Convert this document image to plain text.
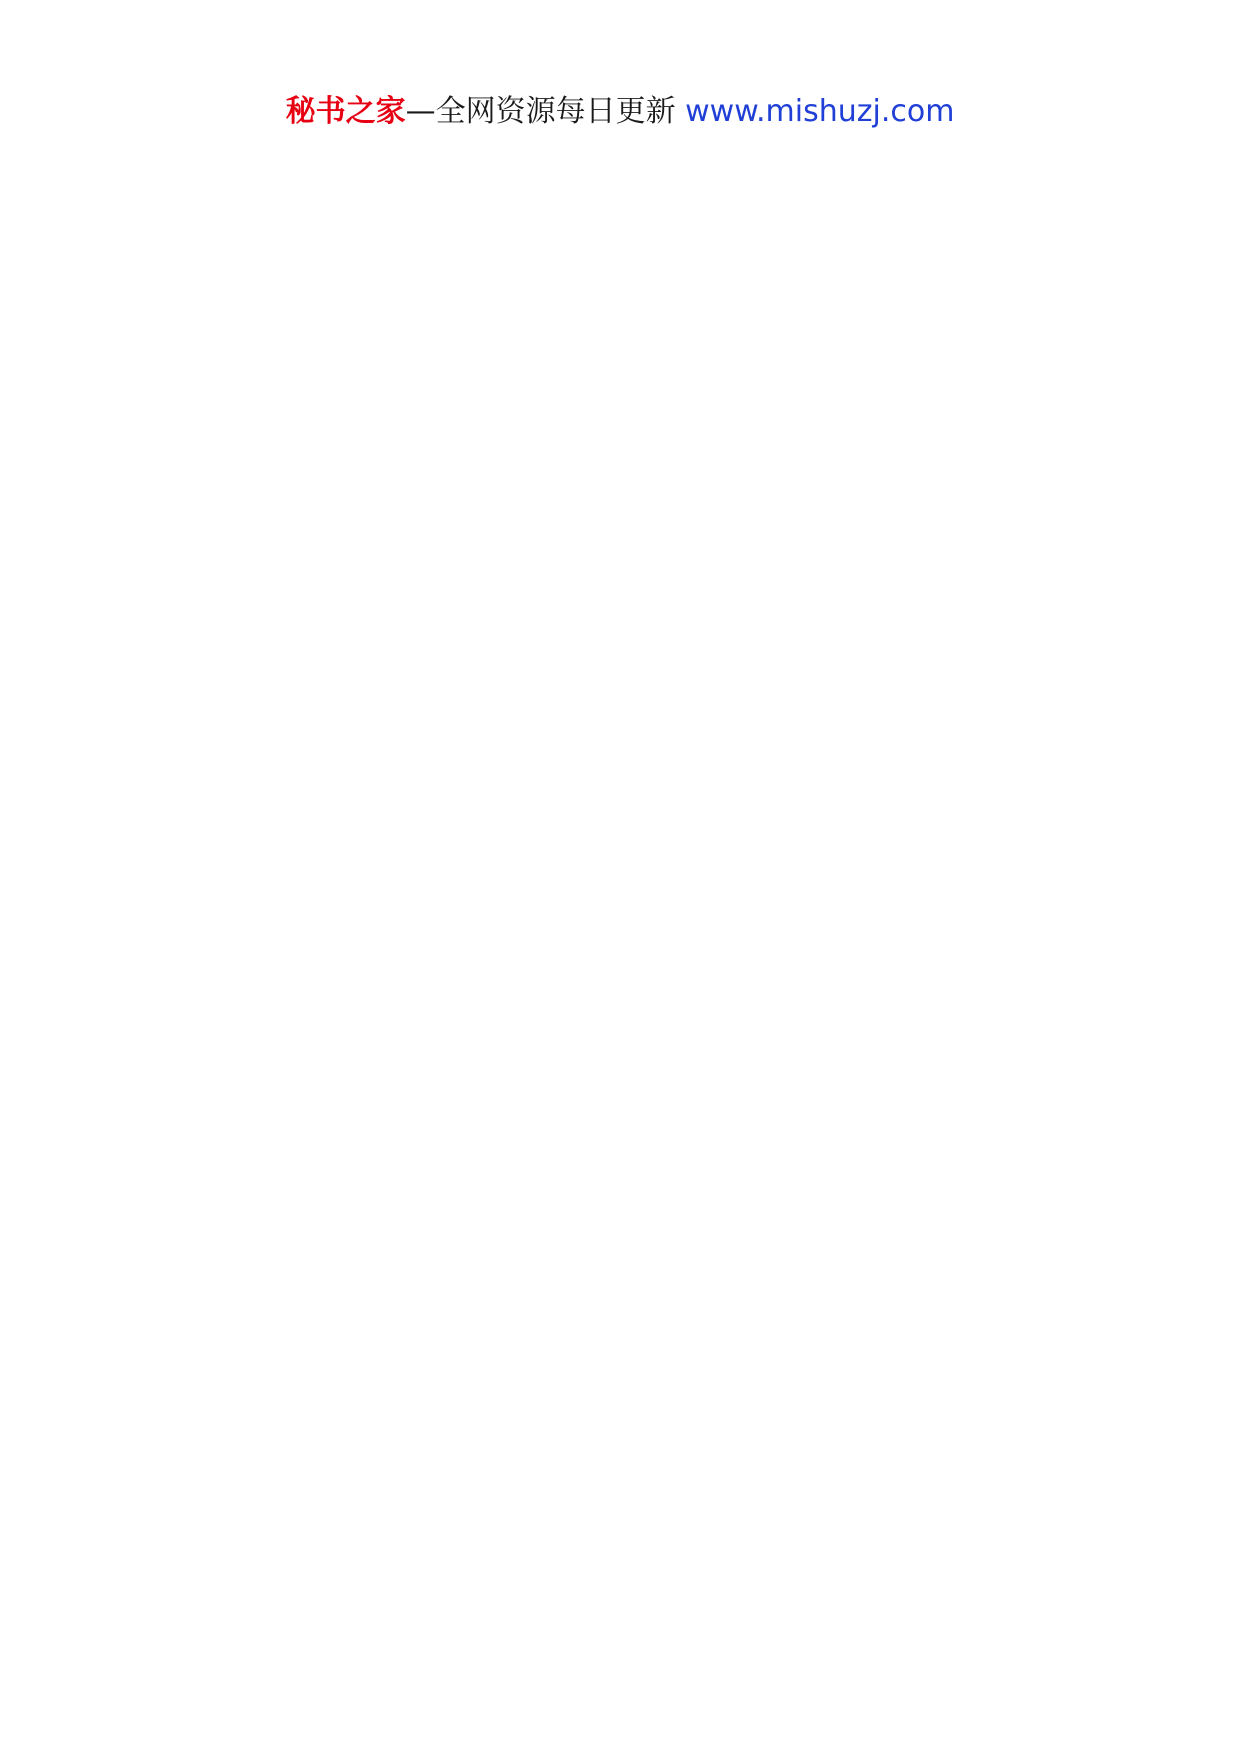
秘书之家—全网资源每日更新 www.mishuzj.com
